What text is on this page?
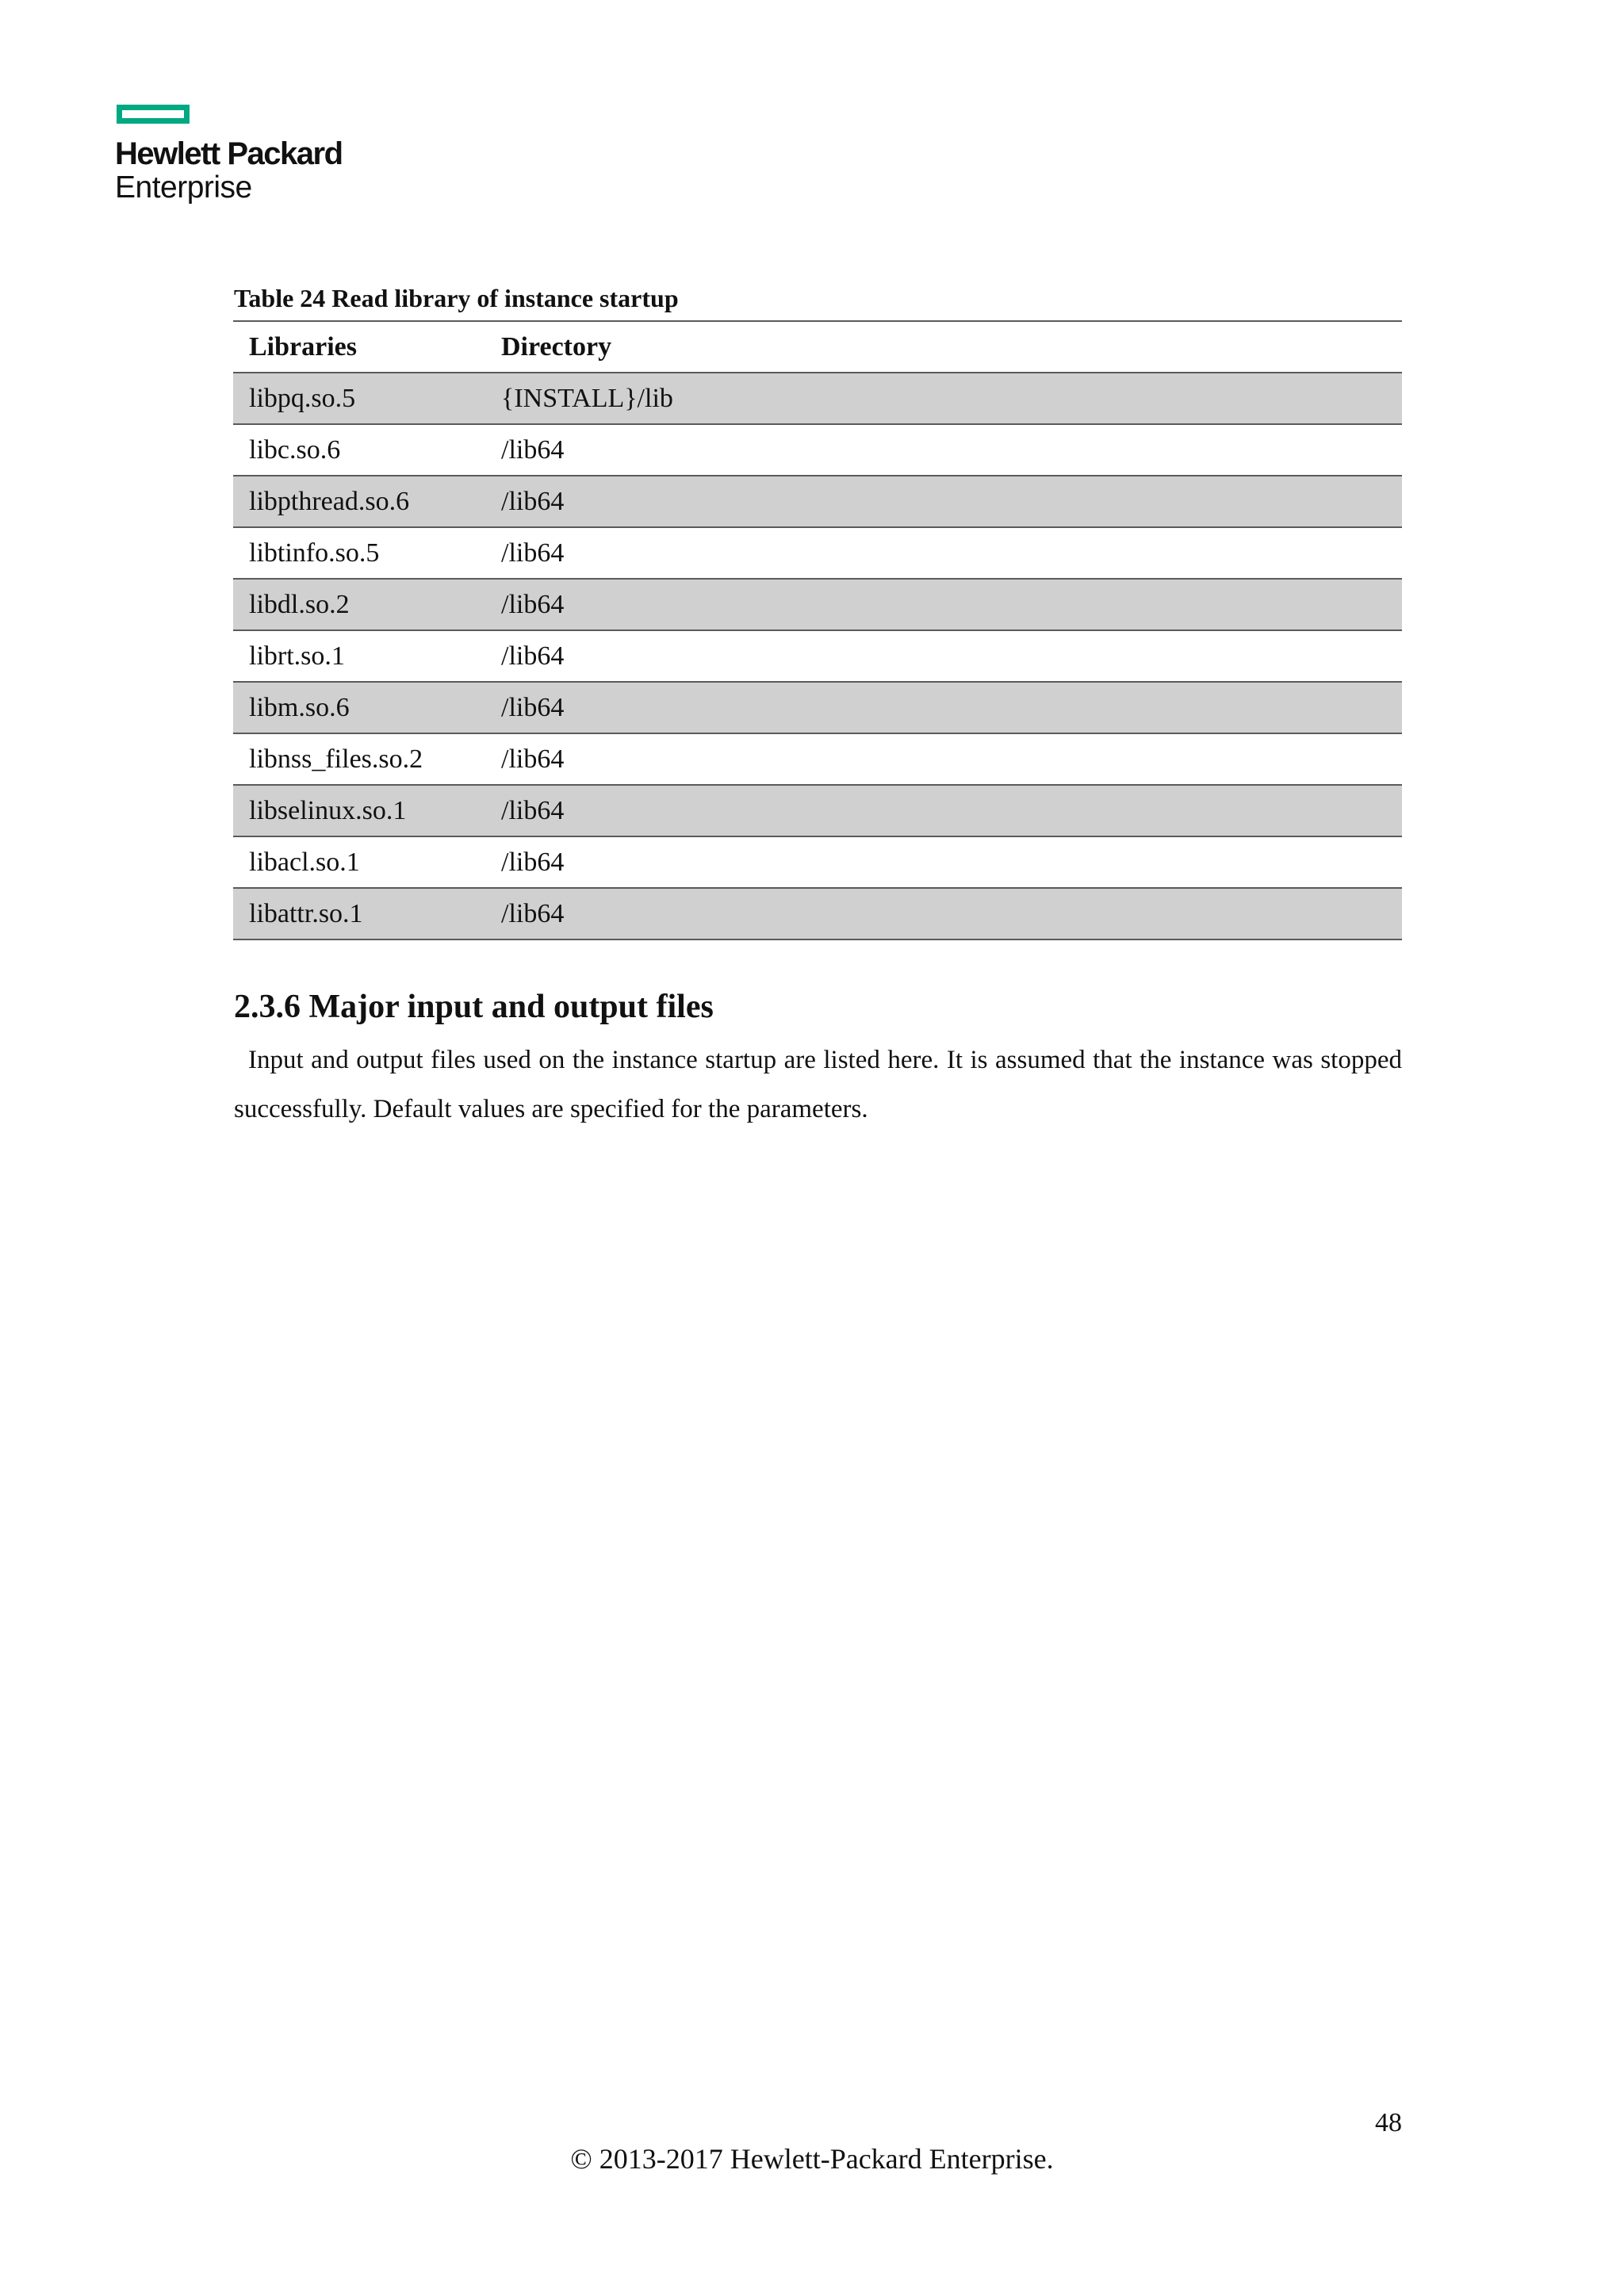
Hewlett Packard
Enterprise
Table 24 Read library of instance startup
Libraries	Directory
libpq.so.5	{INSTALL}/lib
libc.so.6	/lib64
libpthread.so.6	/lib64
libtinfo.so.5	/lib64
libdl.so.2	/lib64
librt.so.1	/lib64
libm.so.6	/lib64
libnss_files.so.2	/lib64
libselinux.so.1	/lib64
libacl.so.1	/lib64
libattr.so.1	/lib64
2.3.6 Major input and output files

Input and output files used on the instance startup are listed here. It is assumed that the instance was stopped successfully. Default values are specified for the parameters.

48
© 2013-2017 Hewlett-Packard Enterprise.
